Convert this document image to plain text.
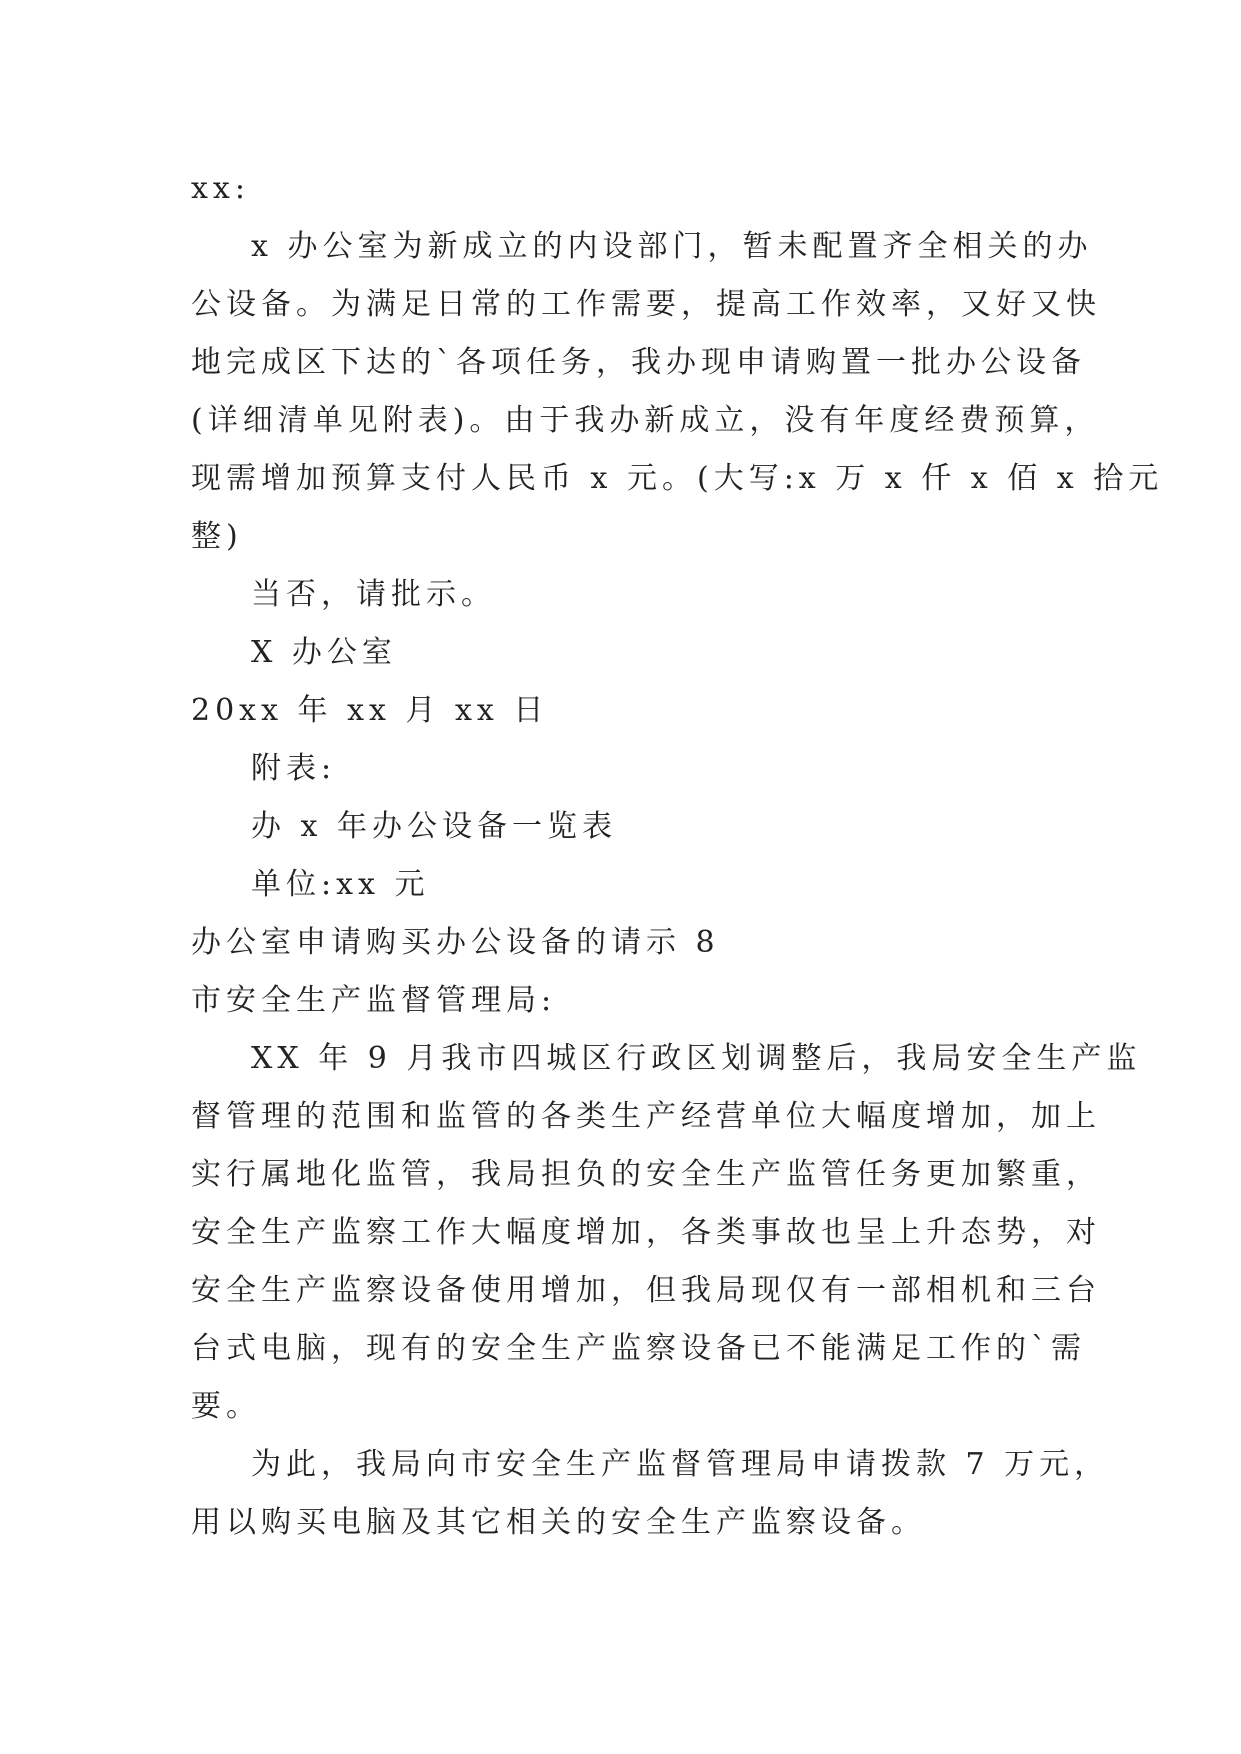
xx:

x 办公室为新成立的内设部门，暂未配置齐全相关的办

公设备。为满足日常的工作需要，提高工作效率，又好又快

地完成区下达的`各项任务，我办现申请购置一批办公设备

(详细清单见附表)。由于我办新成立，没有年度经费预算，

现需增加预算支付人民币 x 元。(大写:x 万 x 仟 x 佰 x 拾元

整)

当否，请批示。

X 办公室

20xx 年 xx 月 xx 日

附表:

办 x 年办公设备一览表

单位:xx 元

办公室申请购买办公设备的请示 8

市安全生产监督管理局:

XX 年 9 月我市四城区行政区划调整后，我局安全生产监

督管理的范围和监管的各类生产经营单位大幅度增加，加上

实行属地化监管，我局担负的安全生产监管任务更加繁重，

安全生产监察工作大幅度增加，各类事故也呈上升态势，对

安全生产监察设备使用增加，但我局现仅有一部相机和三台

台式电脑，现有的安全生产监察设备已不能满足工作的`需

要。

为此，我局向市安全生产监督管理局申请拨款 7 万元，

用以购买电脑及其它相关的安全生产监察设备。
